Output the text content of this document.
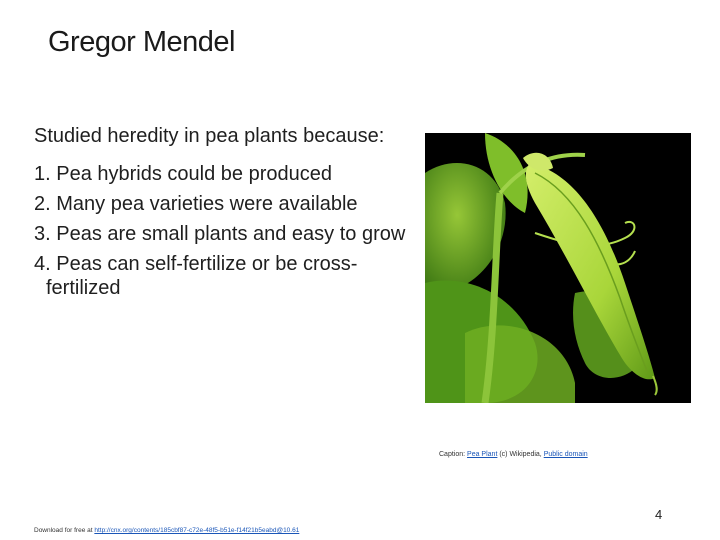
Gregor Mendel

Studied heredity in pea plants because:

1. Pea hybrids could be produced
2. Many pea varieties were available
3. Peas are small plants and easy to grow
4. Peas can self-fertilize or be cross-fertilized
Caption: Pea Plant (c) Wikipedia, Public domain
4
Download for free at http://cnx.org/contents/185cbf87-c72e-48f5-b51e-f14f21b5eabd@10.61
